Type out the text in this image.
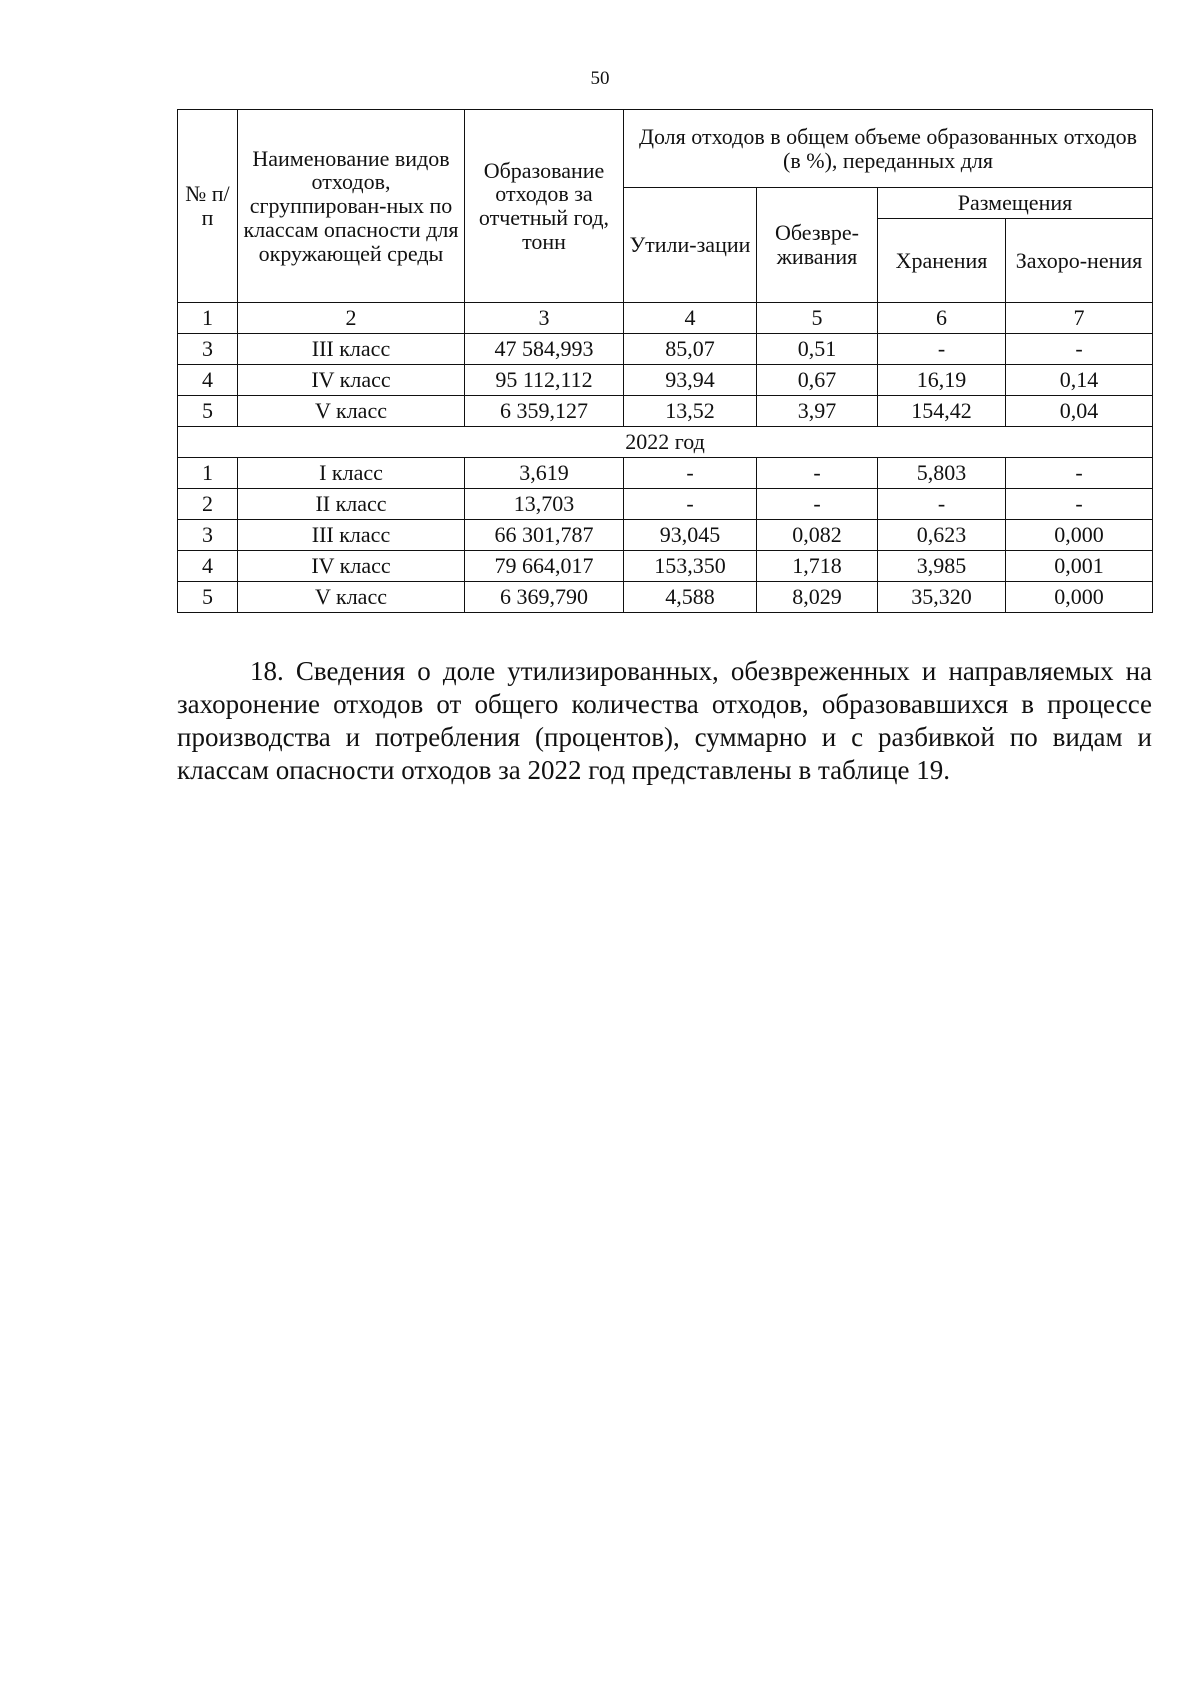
50
№ п/п	Наименование видов отходов, сгруппирован-ных по классам опасности для окружающей среды	Образование отходов за отчетный год, тонн	Доля отходов в общем объеме образованных отходов (в %), переданных для			
			Утили-зации	Обезвре-живания	Размещения	
					Хранения	Захоро-нения
1	2	3	4	5	6	7
3	III класс	47 584,993	85,07	0,51	-	-
4	IV класс	95 112,112	93,94	0,67	16,19	0,14
5	V класс	6 359,127	13,52	3,97	154,42	0,04
2022 год						
1	I класс	3,619	-	-	5,803	-
2	II класс	13,703	-	-	-	-
3	III класс	66 301,787	93,045	0,082	0,623	0,000
4	IV класс	79 664,017	153,350	1,718	3,985	0,001
5	V класс	6 369,790	4,588	8,029	35,320	0,000

18. Сведения о доле утилизированных, обезвреженных и направляемых на захоронение отходов от общего количества отходов, образовавшихся в процессе производства и потребления (процентов), суммарно и с разбивкой по видам и классам опасности отходов за 2022 год представлены в таблице 19.
